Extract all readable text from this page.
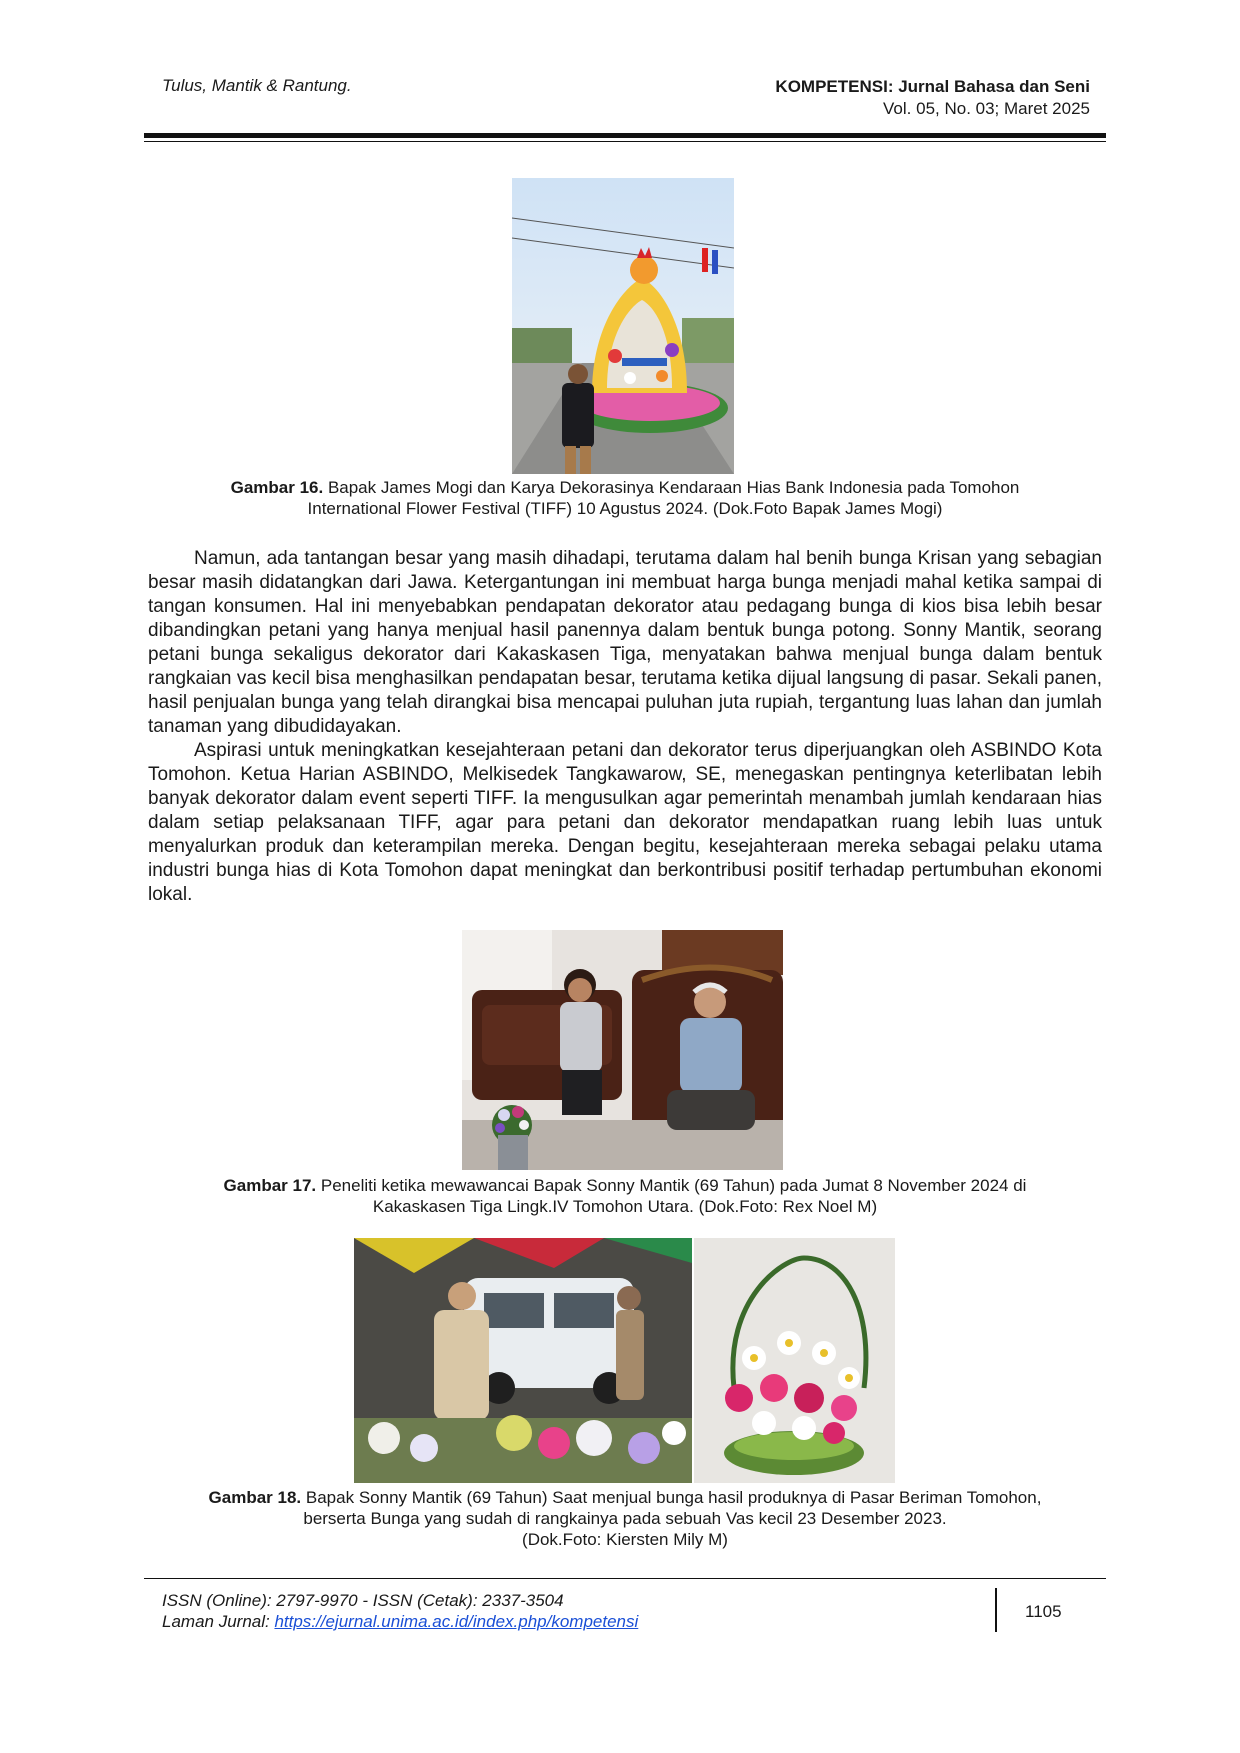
Tulus, Mantik & Rantung.	KOMPETENSI: Jurnal Bahasa dan Seni
Vol. 05, No. 03; Maret 2025
Gambar 16. Bapak James Mogi dan Karya Dekorasinya Kendaraan Hias Bank Indonesia pada Tomohon
International Flower Festival (TIFF) 10 Agustus 2024. (Dok.Foto Bapak James Mogi)

Namun, ada tantangan besar yang masih dihadapi, terutama dalam hal benih bunga Krisan yang sebagian besar masih didatangkan dari Jawa. Ketergantungan ini membuat harga bunga menjadi mahal ketika sampai di tangan konsumen. Hal ini menyebabkan pendapatan dekorator atau pedagang bunga di kios bisa lebih besar dibandingkan petani yang hanya menjual hasil panennya dalam bentuk bunga potong. Sonny Mantik, seorang petani bunga sekaligus dekorator dari Kakaskasen Tiga, menyatakan bahwa menjual bunga dalam bentuk rangkaian vas kecil bisa menghasilkan pendapatan besar, terutama ketika dijual langsung di pasar. Sekali panen, hasil penjualan bunga yang telah dirangkai bisa mencapai puluhan juta rupiah, tergantung luas lahan dan jumlah tanaman yang dibudidayakan.

Aspirasi untuk meningkatkan kesejahteraan petani dan dekorator terus diperjuangkan oleh ASBINDO Kota Tomohon. Ketua Harian ASBINDO, Melkisedek Tangkawarow, SE, menegaskan pentingnya keterlibatan lebih banyak dekorator dalam event seperti TIFF. Ia mengusulkan agar pemerintah menambah jumlah kendaraan hias dalam setiap pelaksanaan TIFF, agar para petani dan dekorator mendapatkan ruang lebih luas untuk menyalurkan produk dan keterampilan mereka. Dengan begitu, kesejahteraan mereka sebagai pelaku utama industri bunga hias di Kota Tomohon dapat meningkat dan berkontribusi positif terhadap pertumbuhan ekonomi lokal.

Gambar 17. Peneliti ketika mewawancai Bapak Sonny Mantik (69 Tahun) pada Jumat 8 November 2024 di
Kakaskasen Tiga Lingk.IV Tomohon Utara. (Dok.Foto: Rex Noel M)
Gambar 18. Bapak Sonny Mantik (69 Tahun) Saat menjual bunga hasil produknya di Pasar Beriman Tomohon,
berserta Bunga yang sudah di rangkainya pada sebuah Vas kecil 23 Desember 2023.
(Dok.Foto: Kiersten Mily M)
ISSN (Online): 2797-9970 - ISSN (Cetak): 2337-3504
Laman Jurnal: https://ejurnal.unima.ac.id/index.php/kompetensi
1105
